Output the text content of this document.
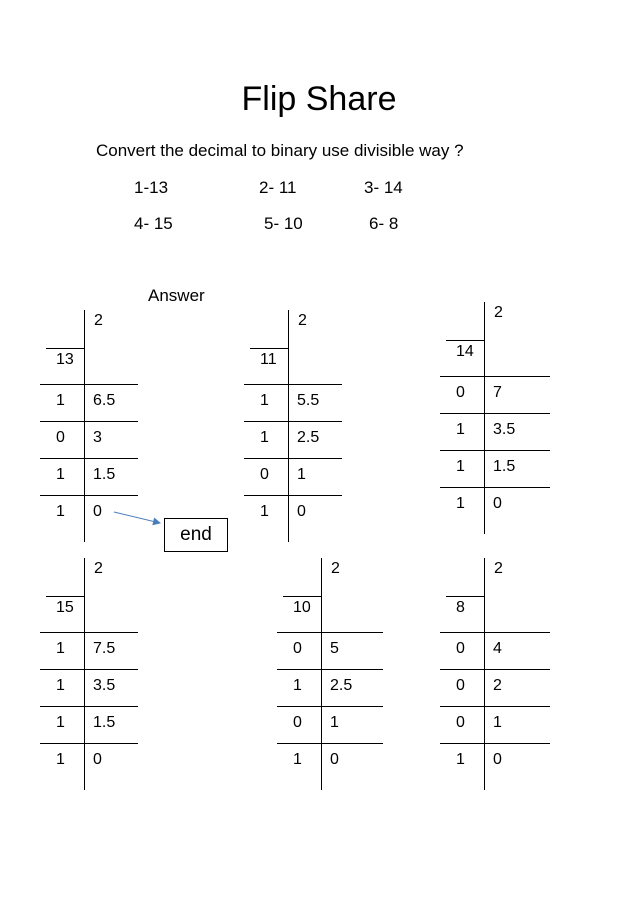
Flip Share
Convert the decimal to binary use divisible way ?
1-13	2- 11	3- 14
4- 15	5- 10	6- 8
Answer
2
13
1 6.5
0 3
1 1.5
1 0
2
11
1 5.5
1 2.5
0 1
1 0
2
14
0 7
1 3.5
1 1.5
1 0
2
15
1 7.5
1 3.5
1 1.5
1 0
2
10
0 5
1 2.5
0 1
1 0
2
8
0 4
0 2
0 1
1 0
end
